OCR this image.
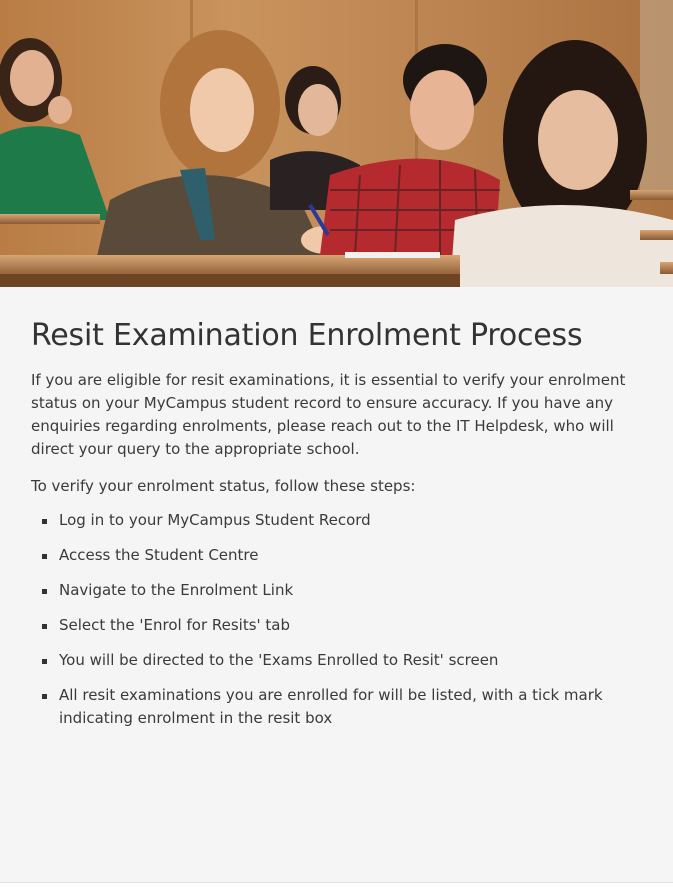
Resit Examination Enrolment Process

If you are eligible for resit examinations, it is essential to verify your enrolment status on your MyCampus student record to ensure accuracy. If you have any enquiries regarding enrolments, please reach out to the IT Helpdesk, who will direct your query to the appropriate school.

To verify your enrolment status, follow these steps:

Log in to your MyCampus Student Record
Access the Student Centre
Navigate to the Enrolment Link
Select the 'Enrol for Resits' tab
You will be directed to the 'Exams Enrolled to Resit' screen
All resit examinations you are enrolled for will be listed, with a tick mark indicating enrolment in the resit box
